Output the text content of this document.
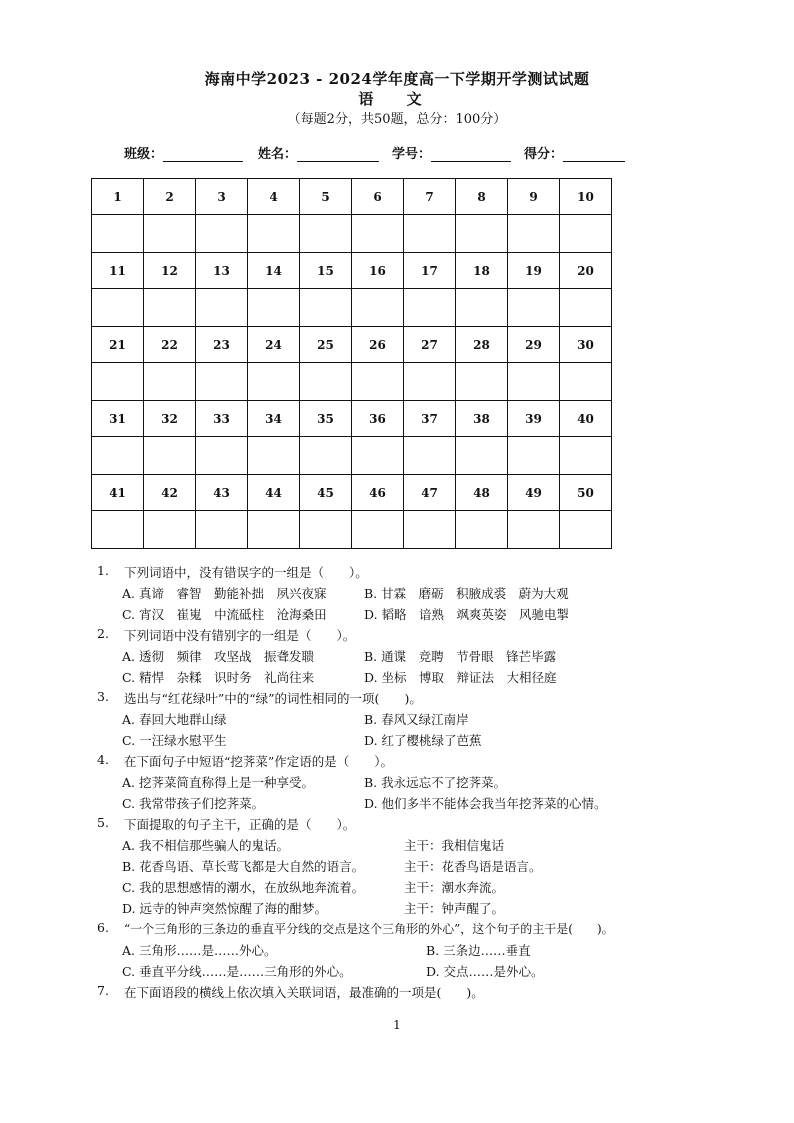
海南中学2023 - 2024学年度高一下学期开学测试试题
语 文
（每题2分，共50题，总分：100分）
班级：	姓名：	学号：	得分：
1	2	3	4	5	6	7	8	9	10

11	12	13	14	15	16	17	18	19	20

21	22	23	24	25	26	27	28	29	30

31	32	33	34	35	36	37	38	39	40

41	42	43	44	45	46	47	48	49	50

1. 下列词语中，没有错误字的一组是（　　）。
A. 真谛　睿智　勤能补拙　夙兴夜寐	B. 甘霖　磨砺　积腋成裘　蔚为大观
C. 宵汉　崔嵬　中流砥柱　沧海桑田	D. 韬略　谙熟　飒爽英姿　风驰电掣
2. 下列词语中没有错别字的一组是（　　）。
A. 透彻　频律　攻坚战　振聋发聩	B. 通谍　竞聘　节骨眼　锋芒毕露
C. 精悍　杂糅　识时务　礼尚往来	D. 坐标　博取　辩证法　大相径庭
3. 选出与“红花绿叶”中的“绿”的词性相同的一项(　　)。
A. 春回大地群山绿	B. 春风又绿江南岸
C. 一汪绿水慰平生	D. 红了樱桃绿了芭蕉
4. 在下面句子中短语“挖荠菜”作定语的是（　　）。
A. 挖荠菜简直称得上是一种享受。	B. 我永远忘不了挖荠菜。
C. 我常带孩子们挖荠菜。	D. 他们多半不能体会我当年挖荠菜的心情。
5. 下面提取的句子主干，正确的是（　　）。
A. 我不相信那些骗人的鬼话。	主干：我相信鬼话
B. 花香鸟语、草长莺飞都是大自然的语言。	主干：花香鸟语是语言。
C. 我的思想感情的潮水，在放纵地奔流着。	主干：潮水奔流。
D. 远寺的钟声突然惊醒了海的酣梦。	主干：钟声醒了。
6. “一个三角形的三条边的垂直平分线的交点是这个三角形的外心”，这个句子的主干是(　　)。
A. 三角形……是……外心。	B. 三条边……垂直
C. 垂直平分线……是……三角形的外心。	D. 交点……是外心。
7. 在下面语段的横线上依次填入关联词语，最准确的一项是(　　)。
1
